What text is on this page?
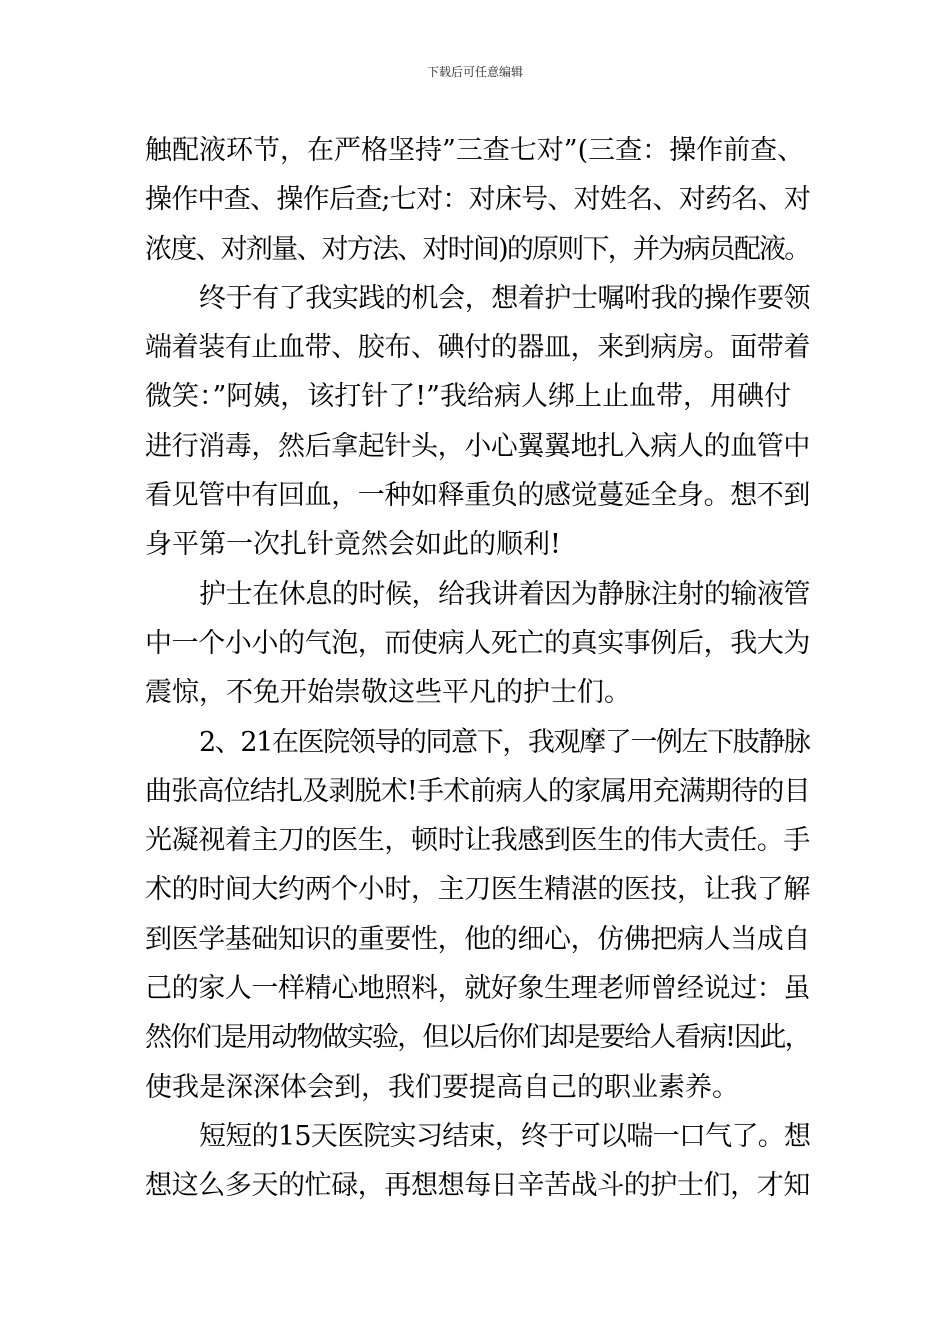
下载后可任意编辑
触配液环节，在严格坚持”三查七对”(三查：操作前查、
操作中查、操作后查;七对：对床号、对姓名、对药名、对
浓度、对剂量、对方法、对时间)的原则下，并为病员配液。
终于有了我实践的机会，想着护士嘱咐我的操作要领
端着装有止血带、胶布、碘付的器皿，来到病房。面带着
微笑：”阿姨，该打针了!”我给病人绑上止血带，用碘付
进行消毒，然后拿起针头，小心翼翼地扎入病人的血管中
看见管中有回血，一种如释重负的感觉蔓延全身。想不到
身平第一次扎针竟然会如此的顺利!
护士在休息的时候，给我讲着因为静脉注射的输液管
中一个小小的气泡，而使病人死亡的真实事例后，我大为
震惊，不免开始崇敬这些平凡的护士们。
2、21在医院领导的同意下，我观摩了一例左下肢静脉
曲张高位结扎及剥脱术!手术前病人的家属用充满期待的目
光凝视着主刀的医生，顿时让我感到医生的伟大责任。手
术的时间大约两个小时，主刀医生精湛的医技，让我了解
到医学基础知识的重要性，他的细心，仿佛把病人当成自
己的家人一样精心地照料，就好象生理老师曾经说过：虽
然你们是用动物做实验，但以后你们却是要给人看病!因此，
使我是深深体会到，我们要提高自己的职业素养。
短短的15天医院实习结束，终于可以喘一口气了。想
想这么多天的忙碌，再想想每日辛苦战斗的护士们，才知
